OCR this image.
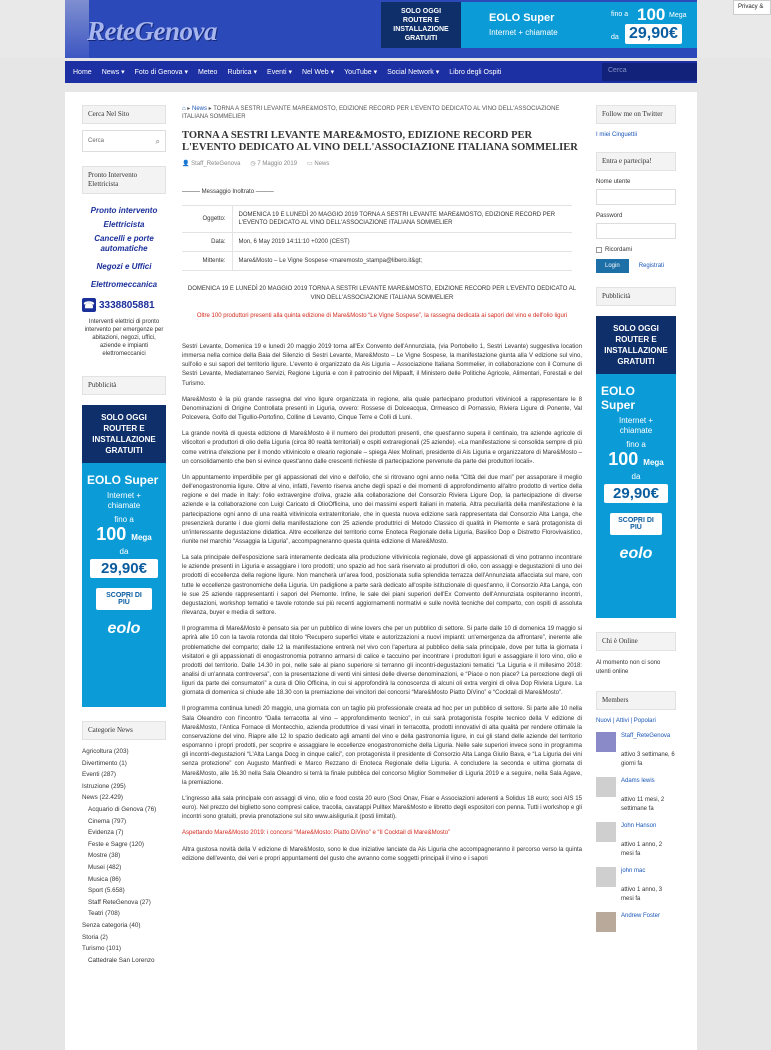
ReteGenova
SOLO OGGI
ROUTER E
INSTALLAZIONE
GRATUITI
EOLO Super
Internet + chiamate
fino a 100 Mega
da 29,90€
Privacy &
Home	News ▾	Foto di Genova ▾	Meteo	Rubrica ▾	Eventi ▾	Nel Web ▾	YouTube ▾	Social Network ▾	Libro degli Ospiti	Cerca
Cerca Nel Sito
Cerca	⌕
Pronto Intervento Elettricista
Pronto intervento
Elettricista
Cancelli e porte automatiche
Negozi e Uffici
Elettromeccanica
☎ 3338805881
Interventi elettrici di pronto intervento per emergenze per abitazioni, negozi, uffici, aziende e impianti elettromeccanici
Pubblicità
SOLO OGGI
ROUTER E
INSTALLAZIONE
GRATUITI
EOLO Super
Internet +
chiamate
fino a
100 Mega
da
29,90€
SCOPRI DI PIÙ
eolo
Categorie News
Agricoltura (203)
Divertimento (1)
Eventi (287)
Istruzione (295)
News (22.429)
Acquario di Genova (76)
Cinema (797)
Evidenza (7)
Feste e Sagre (120)
Mostre (38)
Musei (482)
Musica (86)
Sport (5.658)
Staff ReteGenova (27)
Teatri (708)
Senza categoria (40)
Storia (2)
Turismo (101)
Cattedrale San Lorenzo
⌂ ▸ News ▸ TORNA A SESTRI LEVANTE MARE&MOSTO, EDIZIONE RECORD PER L'EVENTO DEDICATO AL VINO DELL'ASSOCIAZIONE ITALIANA SOMMELIER
TORNA A SESTRI LEVANTE MARE&MOSTO, EDIZIONE RECORD PER L'EVENTO DEDICATO AL VINO DELL'ASSOCIAZIONE ITALIANA SOMMELIER
👤 Staff_ReteGenova ◷ 7 Maggio 2019 ▭ News
——— Messaggio Inoltrato ———
Oggetto:	DOMENICA 19 E LUNEDÌ 20 MAGGIO 2019 TORNA A SESTRI LEVANTE MARE&MOSTO, EDIZIONE RECORD PER L'EVENTO DEDICATO AL VINO DELL'ASSOCIAZIONE ITALIANA SOMMELIER
Data:	Mon, 6 May 2019 14:11:10 +0200 (CEST)
Mittente:	Mare&Mosto – Le Vigne Sospese <maremosto_stampa@libero.it&gt;
DOMENICA 19 E LUNEDÌ 20 MAGGIO 2019 TORNA A SESTRI LEVANTE MARE&MOSTO, EDIZIONE RECORD PER L'EVENTO DEDICATO AL VINO DELL'ASSOCIAZIONE ITALIANA SOMMELIER
Oltre 100 produttori presenti alla quinta edizione di Mare&Mosto “Le Vigne Sospese”, la rassegna dedicata ai sapori del vino e dell'olio liguri
Sestri Levante, Domenica 19 e lunedì 20 maggio 2019 torna all'Ex Convento dell'Annunziata, (via Portobello 1, Sestri Levante) suggestiva location immersa nella cornice della Baia del Silenzio di Sestri Levante, Mare&Mosto – Le Vigne Sospese, la manifestazione giunta alla V edizione sul vino, sull'olio e sui sapori del territorio ligure. L'evento è organizzato da Ais Liguria – Associazione Italiana Sommelier, in collaborazione con il Comune di Sestri Levante, Mediaterraneo Servizi, Regione Liguria e con il patrocinio del Mipaaft, il Ministero delle Politiche Agricole, Alimentari, Forestali e del Turismo.
Mare&Mosto è la più grande rassegna del vino ligure organizzata in regione, alla quale partecipano produttori vitivinicoli a rappresentare le 8 Denominazioni di Origine Controllata presenti in Liguria, ovvero: Rossese di Dolceacqua, Ormeasco di Pornassio, Riviera Ligure di Ponente, Val Polcevera, Golfo del Tigullio-Portofino, Colline di Levanto, Cinque Terre e Colli di Luni.
La grande novità di questa edizione di Mare&Mosto è il numero dei produttori presenti, che quest'anno supera il centinaio, tra aziende agricole di viticoltori e produttori di olio della Liguria (circa 80 realtà territoriali) e ospiti extraregionali (25 aziende). «La manifestazione si consolida sempre di più come vetrina d'elezione per il mondo vitivinicolo e oleario regionale – spiega Alex Molinari, presidente di Ais Liguria e organizzatore di Mare&Mosto – un consolidamento che ben si evince quest'anno dalle crescenti richieste di partecipazione pervenute da parte dei produttori locali».
Un appuntamento imperdibile per gli appassionati del vino e dell'olio, che si ritrovano ogni anno nella “Città dei due mari” per assaporare il meglio dell'enogastronomia ligure. Oltre al vino, infatti, l'evento riserva anche degli spazi e dei momenti di approfondimento all'altro prodotto di vertice della regione e del made in Italy: l'olio extravergine d'oliva, grazie alla collaborazione del Consorzio Riviera Ligure Dop, la partecipazione di diverse aziende e la collaborazione con Luigi Caricato di OlioOfficina, uno dei massimi esperti italiani in materia. Altra peculiarità della manifestazione è la partecipazione ogni anno di una realtà vitivinicola extraterritoriale, che in questa nuova edizione sarà rappresentata dal Consorzio Alta Langa, che presenzierà durante i due giorni della manifestazione con 25 aziende produttrici di Metodo Classico di qualità in Piemonte e sarà protagonista di un'interessante degustazione didattica. Altre eccellenze del territorio come Enoteca Regionale della Liguria, Basilico Dop e Distretto Florovivaistico, riunite nel marchio “Assaggia la Liguria”, accompagneranno questa quinta edizione di Mare&Mosto.
La sala principale dell'esposizione sarà interamente dedicata alla produzione vitivinicola regionale, dove gli appassionati di vino potranno incontrare le aziende presenti in Liguria e assaggiare i loro prodotti; uno spazio ad hoc sarà riservato ai produttori di olio, con assaggi e degustazioni di uno dei prodotti di eccellenza della regione ligure. Non mancherà un'area food, posizionata sulla splendida terrazza dell'Annunziata affacciata sul mare, con tutte le eccellenze gastronomiche della Liguria. Un padiglione a parte sarà dedicato all'ospite istituzionale di quest'anno, il Consorzio Alta Langa, con le sue 25 aziende rappresentanti i sapori del Piemonte. Infine, le sale dei piani superiori dell'Ex Convento dell'Annunziata ospiteranno incontri, degustazioni, workshop tematici e tavole rotonde sui più recenti aggiornamenti normativi e sulle novità tecniche del comparto, con ospiti di assoluta rilevanza, buyer e media di settore.
Il programma di Mare&Mosto è pensato sia per un pubblico di wine lovers che per un pubblico di settore. Si parte dalle 10 di domenica 19 maggio si aprirà alle 10 con la tavola rotonda dal titolo “Recupero superfici vitate e autorizzazioni a nuovi impianti: un'emergenza da affrontare”, inerente alle problematiche del comparto; dalle 12 la manifestazione entrerà nel vivo con l'apertura al pubblico della sala principale, dove per tutta la giornata i visitatori e gli appassionati di enogastronomia potranno armarsi di calice e taccuino per incontrare i produttori liguri e assaggiare il loro vino, olio e prodotti del territorio. Dalle 14.30 in poi, nelle sale al piano superiore si terranno gli incontri-degustazioni tematici “La Liguria e il millesimo 2018: analisi di un'annata controversa”, con la presentazione di venti vini sintesi delle diverse denominazioni, e “Piace o non piace? La percezione degli oli liguri da parte dei consumatori” a cura di Olio Officina, in cui si approfondirà la conoscenza di alcuni oli extra vergini di oliva Dop Riviera Ligure. La giornata di domenica si chiude alle 18.30 con la premiazione dei vincitori dei concorsi “Mare&Mosto Piatto DiVino” e “Cocktail di Mare&Mosto”.
Il programma continua lunedì 20 maggio, una giornata con un taglio più professionale creata ad hoc per un pubblico di settore. Si parte alle 10 nella Sala Oleandro con l'incontro “Dalla terracotta al vino – approfondimento tecnico”, in cui sarà protagonista l'ospite tecnico della V edizione di Mare&Mosto, l'Antica Fornace di Montecchio, azienda produttrice di vasi vinari in terracotta, prodotti innovativi di alta qualità per rendere ottimale la conservazione del vino. Riapre alle 12 lo spazio dedicato agli amanti del vino e della gastronomia ligure, in cui gli stand delle aziende del territorio esporranno i propri prodotti, per scoprire e assaggiare le eccellenze enogastronomiche della Liguria. Nelle sale superiori invece sono in programma gli incontri-degustazioni “L'Alta Langa Docg in cinque calici”, con protagonista il presidente di Consorzio Alta Langa Giulio Bava, e “La Liguria dei vini senza protezione” con Augusto Manfredi e Marco Rezzano di Enoteca Regionale della Liguria. A concludere la seconda e ultima giornata di Mare&Mosto, alle 16.30 nella Sala Oleandro si terrà la finale pubblica del concorso Miglior Sommelier di Liguria 2019 e a seguire, nella Sala Agave, la premiazione.
L'ingresso alla sala principale con assaggi di vino, olio e food costa 20 euro (Soci Onav, Fisar e Associazioni aderenti a Solidus 18 euro; soci AIS 15 euro). Nel prezzo del biglietto sono compresi calice, tracolla, cavatappi Pulltex Mare&Mosto e libretto degli espositori con penna. Tutti i workshop e gli incontri sono gratuiti, previa prenotazione sul sito www.aisliguria.it (posti limitati).
Aspettando Mare&Mosto 2019: i concorsi “Mare&Mosto: Piatto DiVino” e “Il Cocktail di Mare&Mosto”
Altra gustosa novità della V edizione di Mare&Mosto, sono le due iniziative lanciate da Ais Liguria che accompagneranno il percorso verso la quinta edizione dell'evento, dei veri e propri appuntamenti del gusto che avranno come soggetti principali il vino e i sapori
Follow me on Twitter
I miei Cinguettii
Entra e partecipa!
Nome utente
Password
Ricordami
Login	Registrati
Pubblicità
SOLO OGGI
ROUTER E
INSTALLAZIONE
GRATUITI
EOLO Super
Internet +
chiamate
fino a
100 Mega
da
29,90€
SCOPRI DI PIÙ
eolo
Chi è Online
Al momento non ci sono utenti online
Members
Nuovi | Attivi | Popolari
Staff_ReteGenova
attivo 3 settimane, 6 giorni fa
Adams lewis
attivo 11 mesi, 2 settimane fa
John Hanson
attivo 1 anno, 2 mesi fa
john mac
attivo 1 anno, 3 mesi fa
Andrew Foster
